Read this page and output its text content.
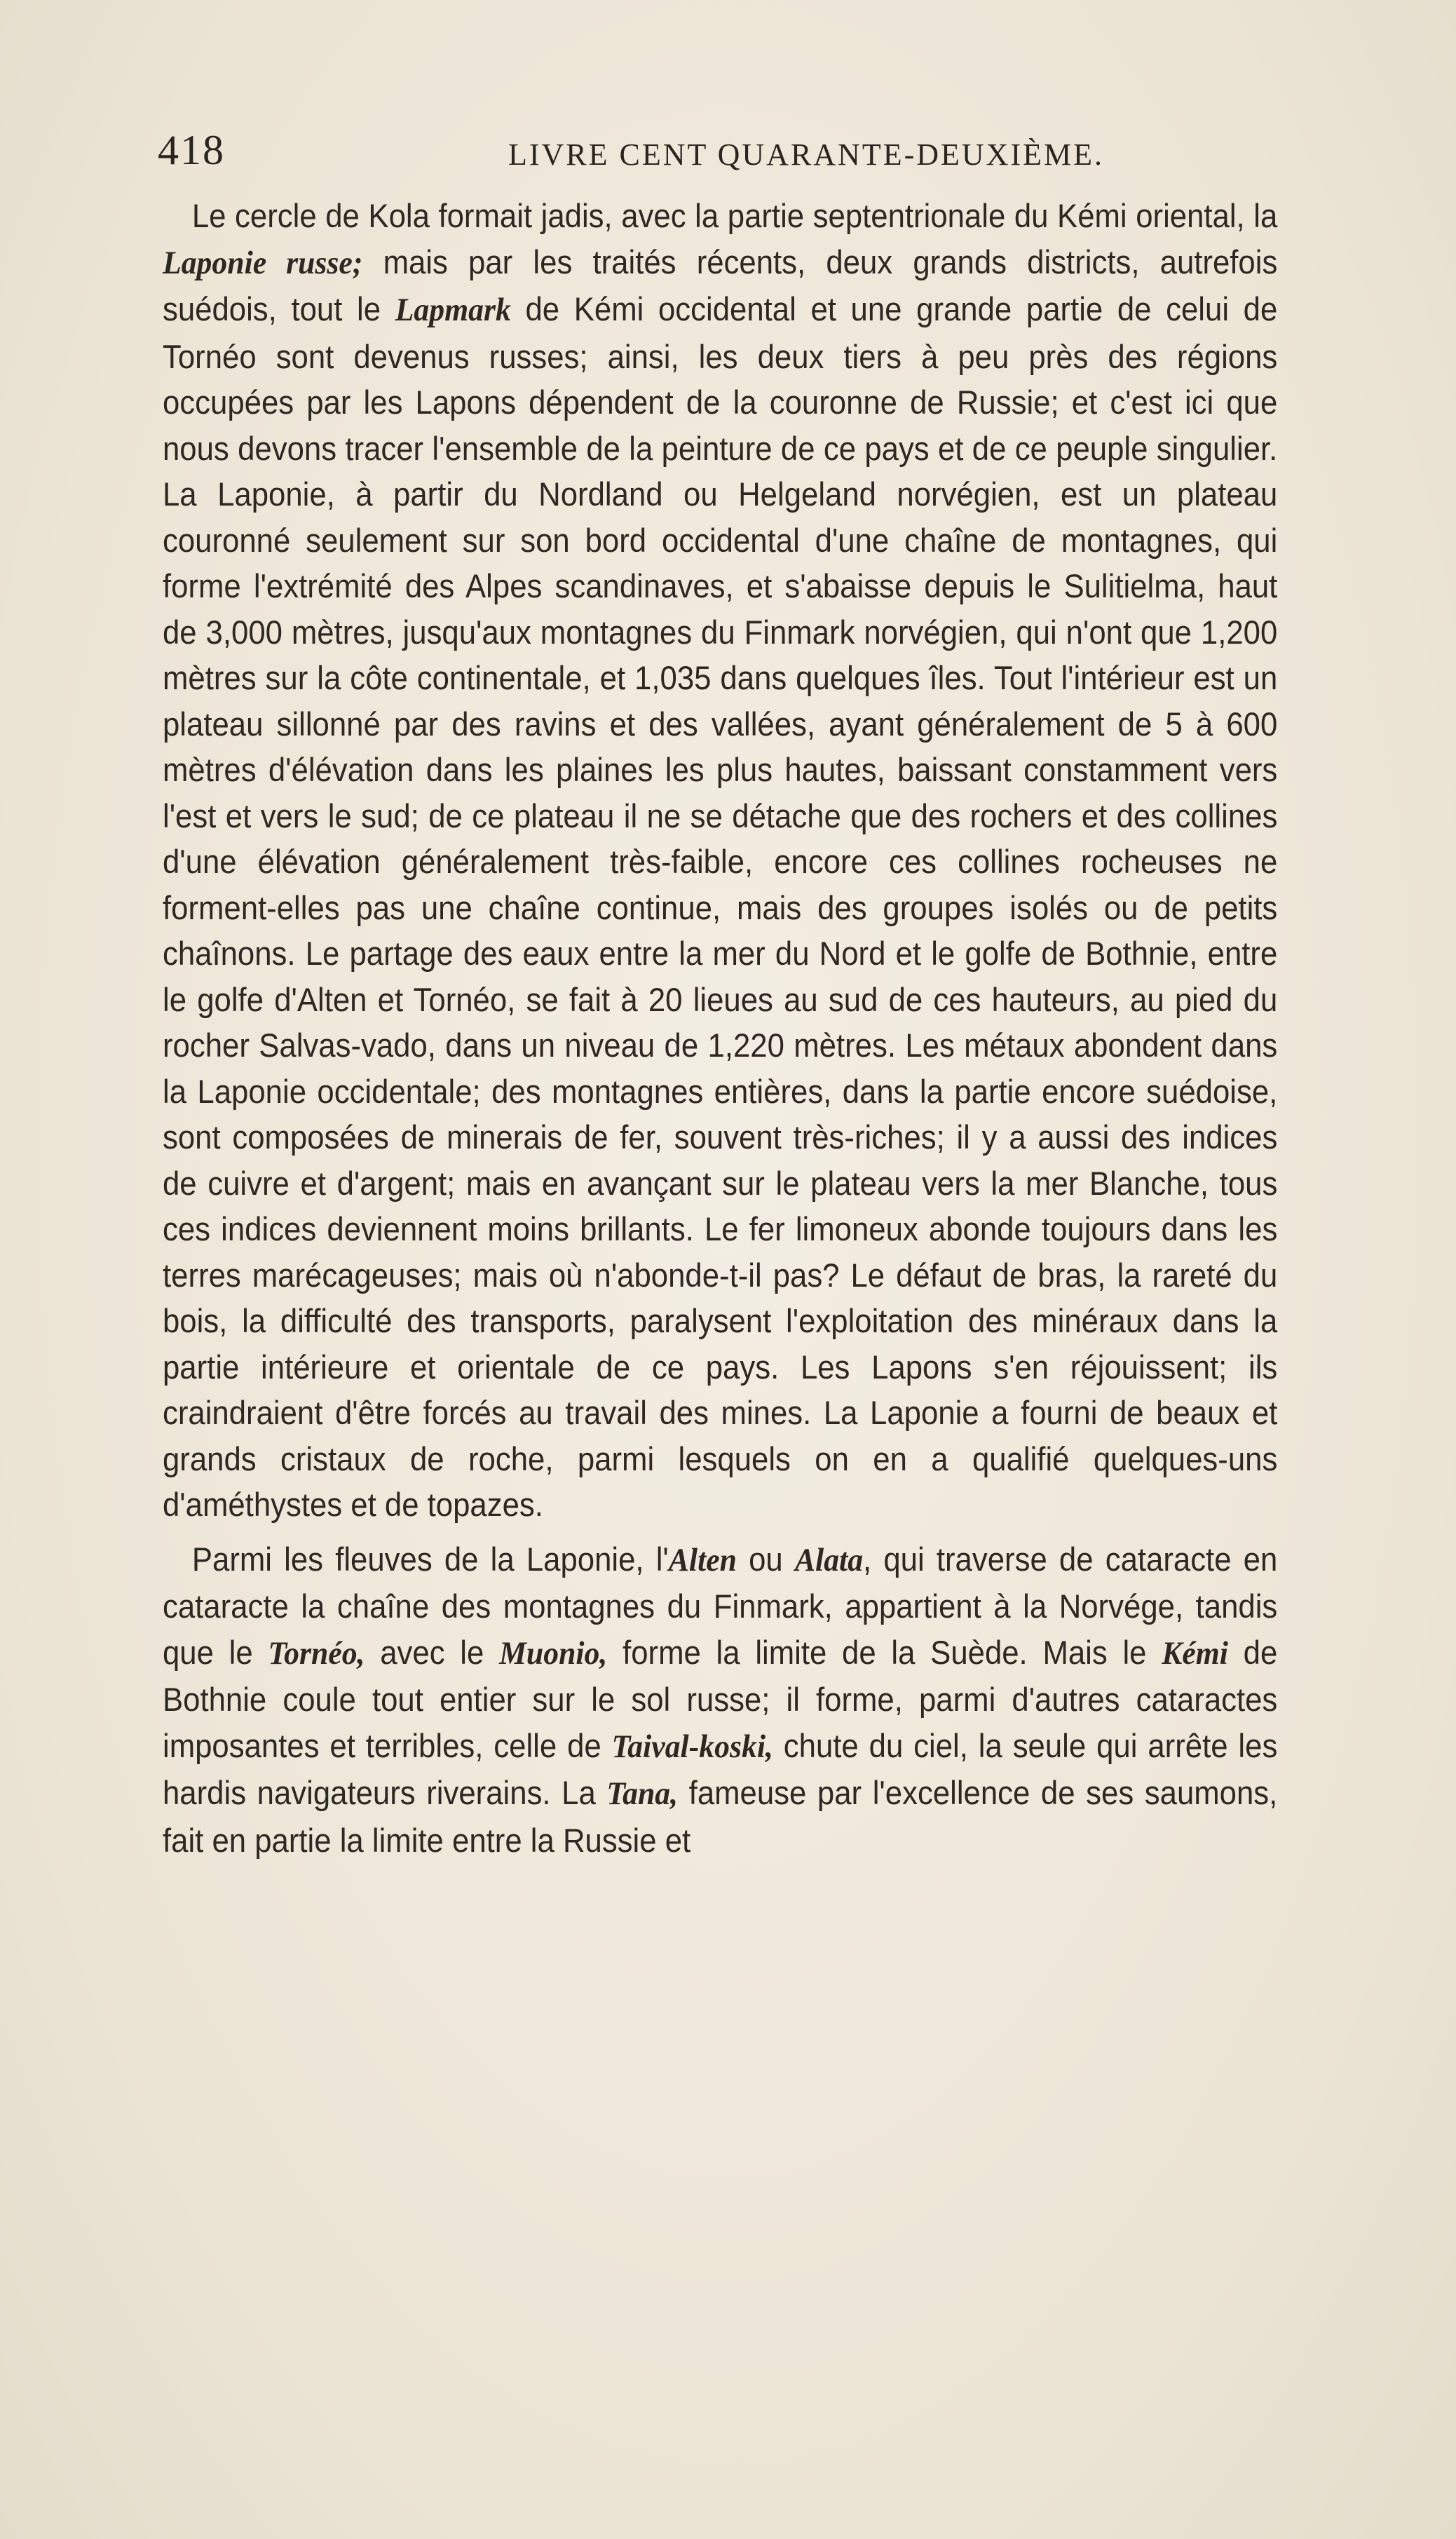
418	LIVRE CENT QUARANTE-DEUXIÈME.

Le cercle de Kola formait jadis, avec la partie septentrionale du Kémi oriental, la Laponie russe; mais par les traités récents, deux grands districts, autrefois suédois, tout le Lapmark de Kémi occidental et une grande partie de celui de Tornéo sont devenus russes; ainsi, les deux tiers à peu près des régions occupées par les Lapons dépendent de la couronne de Russie; et c'est ici que nous devons tracer l'ensemble de la peinture de ce pays et de ce peuple singulier. La Laponie, à partir du Nordland ou Helgeland norvégien, est un plateau couronné seulement sur son bord occidental d'une chaîne de montagnes, qui forme l'extrémité des Alpes scandinaves, et s'abaisse depuis le Sulitielma, haut de 3,000 mètres, jusqu'aux montagnes du Finmark norvégien, qui n'ont que 1,200 mètres sur la côte continentale, et 1,035 dans quelques îles. Tout l'intérieur est un plateau sillonné par des ravins et des vallées, ayant généralement de 5 à 600 mètres d'élévation dans les plaines les plus hautes, baissant constamment vers l'est et vers le sud; de ce plateau il ne se détache que des rochers et des collines d'une élévation généralement très-faible, encore ces collines rocheuses ne forment-elles pas une chaîne continue, mais des groupes isolés ou de petits chaînons. Le partage des eaux entre la mer du Nord et le golfe de Bothnie, entre le golfe d'Alten et Tornéo, se fait à 20 lieues au sud de ces hauteurs, au pied du rocher Salvas-vado, dans un niveau de 1,220 mètres. Les métaux abondent dans la Laponie occidentale; des montagnes entières, dans la partie encore suédoise, sont composées de minerais de fer, souvent très-riches; il y a aussi des indices de cuivre et d'argent; mais en avançant sur le plateau vers la mer Blanche, tous ces indices deviennent moins brillants. Le fer limoneux abonde toujours dans les terres marécageuses; mais où n'abonde-t-il pas? Le défaut de bras, la rareté du bois, la difficulté des transports, paralysent l'exploitation des minéraux dans la partie intérieure et orientale de ce pays. Les Lapons s'en réjouissent; ils craindraient d'être forcés au travail des mines. La Laponie a fourni de beaux et grands cristaux de roche, parmi lesquels on en a qualifié quelques-uns d'améthystes et de topazes.

Parmi les fleuves de la Laponie, l'Alten ou Alata, qui traverse de cataracte en cataracte la chaîne des montagnes du Finmark, appartient à la Norvége, tandis que le Tornéo, avec le Muonio, forme la limite de la Suède. Mais le Kémi de Bothnie coule tout entier sur le sol russe; il forme, parmi d'autres cataractes imposantes et terribles, celle de Taival-koski, chute du ciel, la seule qui arrête les hardis navigateurs riverains. La Tana, fameuse par l'excellence de ses saumons, fait en partie la limite entre la Russie et
